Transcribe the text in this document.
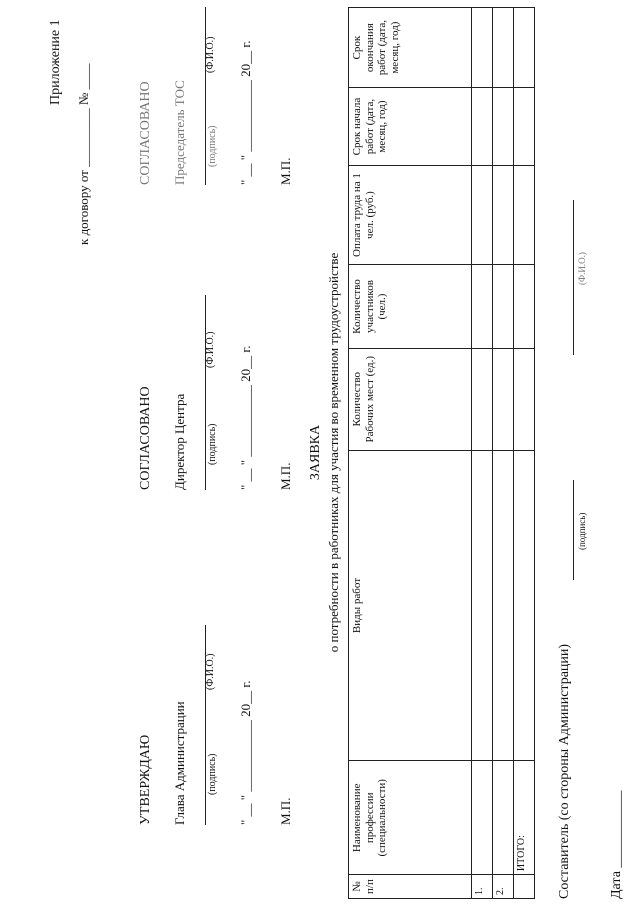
Приложение 1
к договору от _________ № ____
УТВЕРЖДАЮ Глава Администрации (подпись)
(Ф.И.О.)
" __ " ___________ 20__ г. М.П.
СОГЛАСОВАНО Директор Центра (подпись)
(Ф.И.О.) " __ " ___________ 20__ г. М.П.
СОГЛАСОВАНО Председатель ТОС (подпись)
(Ф.И.О.) " __ " ___________ 20__ г. М.П.
ЗАЯВКА о потребности в работниках для участия во временном трудоустройстве
№ п/п	Наименование профессии (специальности)	Виды работ	Количество Рабочих мест (ед.)	Количество участников (чел.)	Оплата труда на 1 чел. (руб.)	Срок начала работ (дата, месяц, год)	Срок окончания работ (дата, месяц, год)
1.							
2.							
	ИТОГО:						Составитель (со стороны Администрации)
(подпись)
(Ф.И.О.)
Дата ___________
